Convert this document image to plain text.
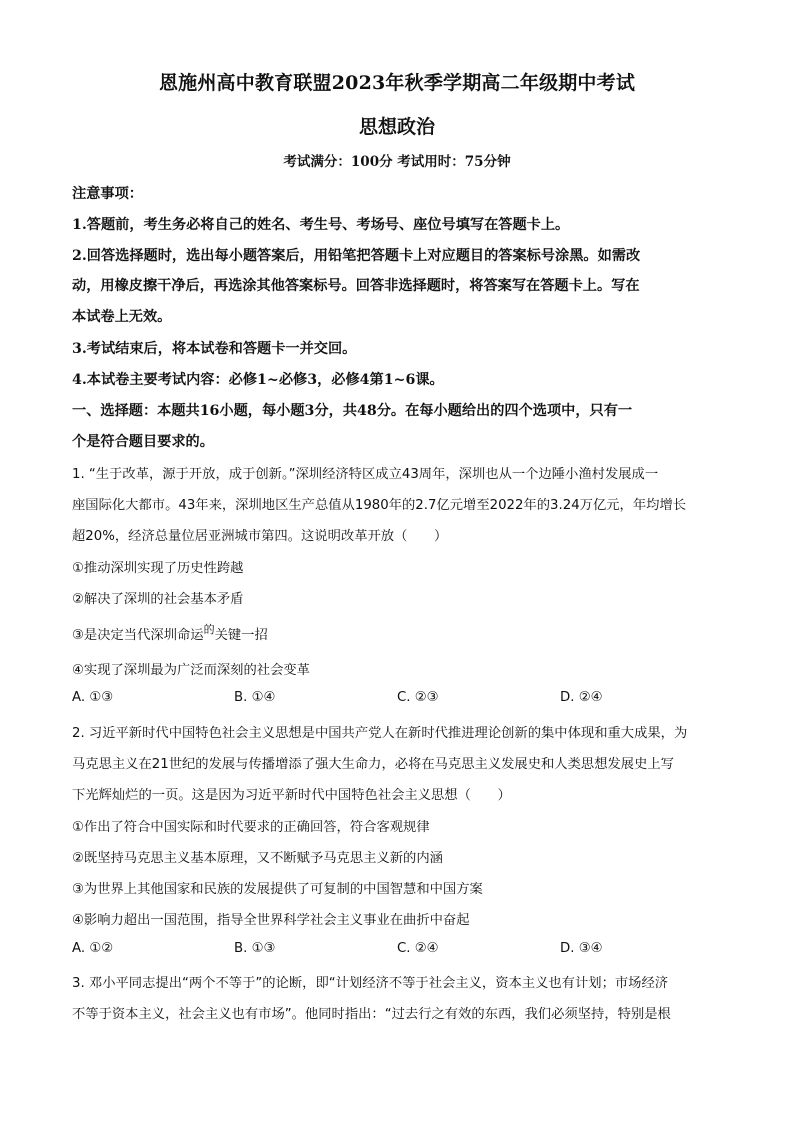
恩施州高中教育联盟2023年秋季学期高二年级期中考试
思想政治
考试满分：100分 考试用时：75分钟
注意事项：
1.答题前，考生务必将自己的姓名、考生号、考场号、座位号填写在答题卡上。
2.回答选择题时，选出每小题答案后，用铅笔把答题卡上对应题目的答案标号涂黑。如需改
动，用橡皮擦干净后，再选涂其他答案标号。回答非选择题时，将答案写在答题卡上。写在
本试卷上无效。
3.考试结束后，将本试卷和答题卡一并交回。
4.本试卷主要考试内容：必修1~必修3，必修4第1~6课。
一、选择题：本题共16小题，每小题3分，共48分。在每小题给出的四个选项中，只有一
个是符合题目要求的。
1. “生于改革，源于开放，成于创新。”深圳经济特区成立43周年，深圳也从一个边陲小渔村发展成一
座国际化大都市。43年来，深圳地区生产总值从1980年的2.7亿元增至2022年的3.24万亿元，年均增长
超20%，经济总量位居亚洲城市第四。这说明改革开放（　　）
①推动深圳实现了历史性跨越
②解决了深圳的社会基本矛盾
③是决定当代深圳命运$^的$关键一招
④实现了深圳最为广泛而深刻的社会变革
A. ①③	B. ①④	C. ②③	D. ②④
2. 习近平新时代中国特色社会主义思想是中国共产党人在新时代推进理论创新的集中体现和重大成果，为
马克思主义在21世纪的发展与传播增添了强大生命力，必将在马克思主义发展史和人类思想发展史上写
下光辉灿烂的一页。这是因为习近平新时代中国特色社会主义思想（　　）
①作出了符合中国实际和时代要求的正确回答，符合客观规律
②既坚持马克思主义基本原理，又不断赋予马克思主义新的内涵
③为世界上其他国家和民族的发展提供了可复制的中国智慧和中国方案
④影响力超出一国范围，指导全世界科学社会主义事业在曲折中奋起
A. ①②	B. ①③	C. ②④	D. ③④
3. 邓小平同志提出“两个不等于”的论断，即“计划经济不等于社会主义，资本主义也有计划；市场经济
不等于资本主义，社会主义也有市场”。他同时指出：“过去行之有效的东西，我们必须坚持，特别是根
